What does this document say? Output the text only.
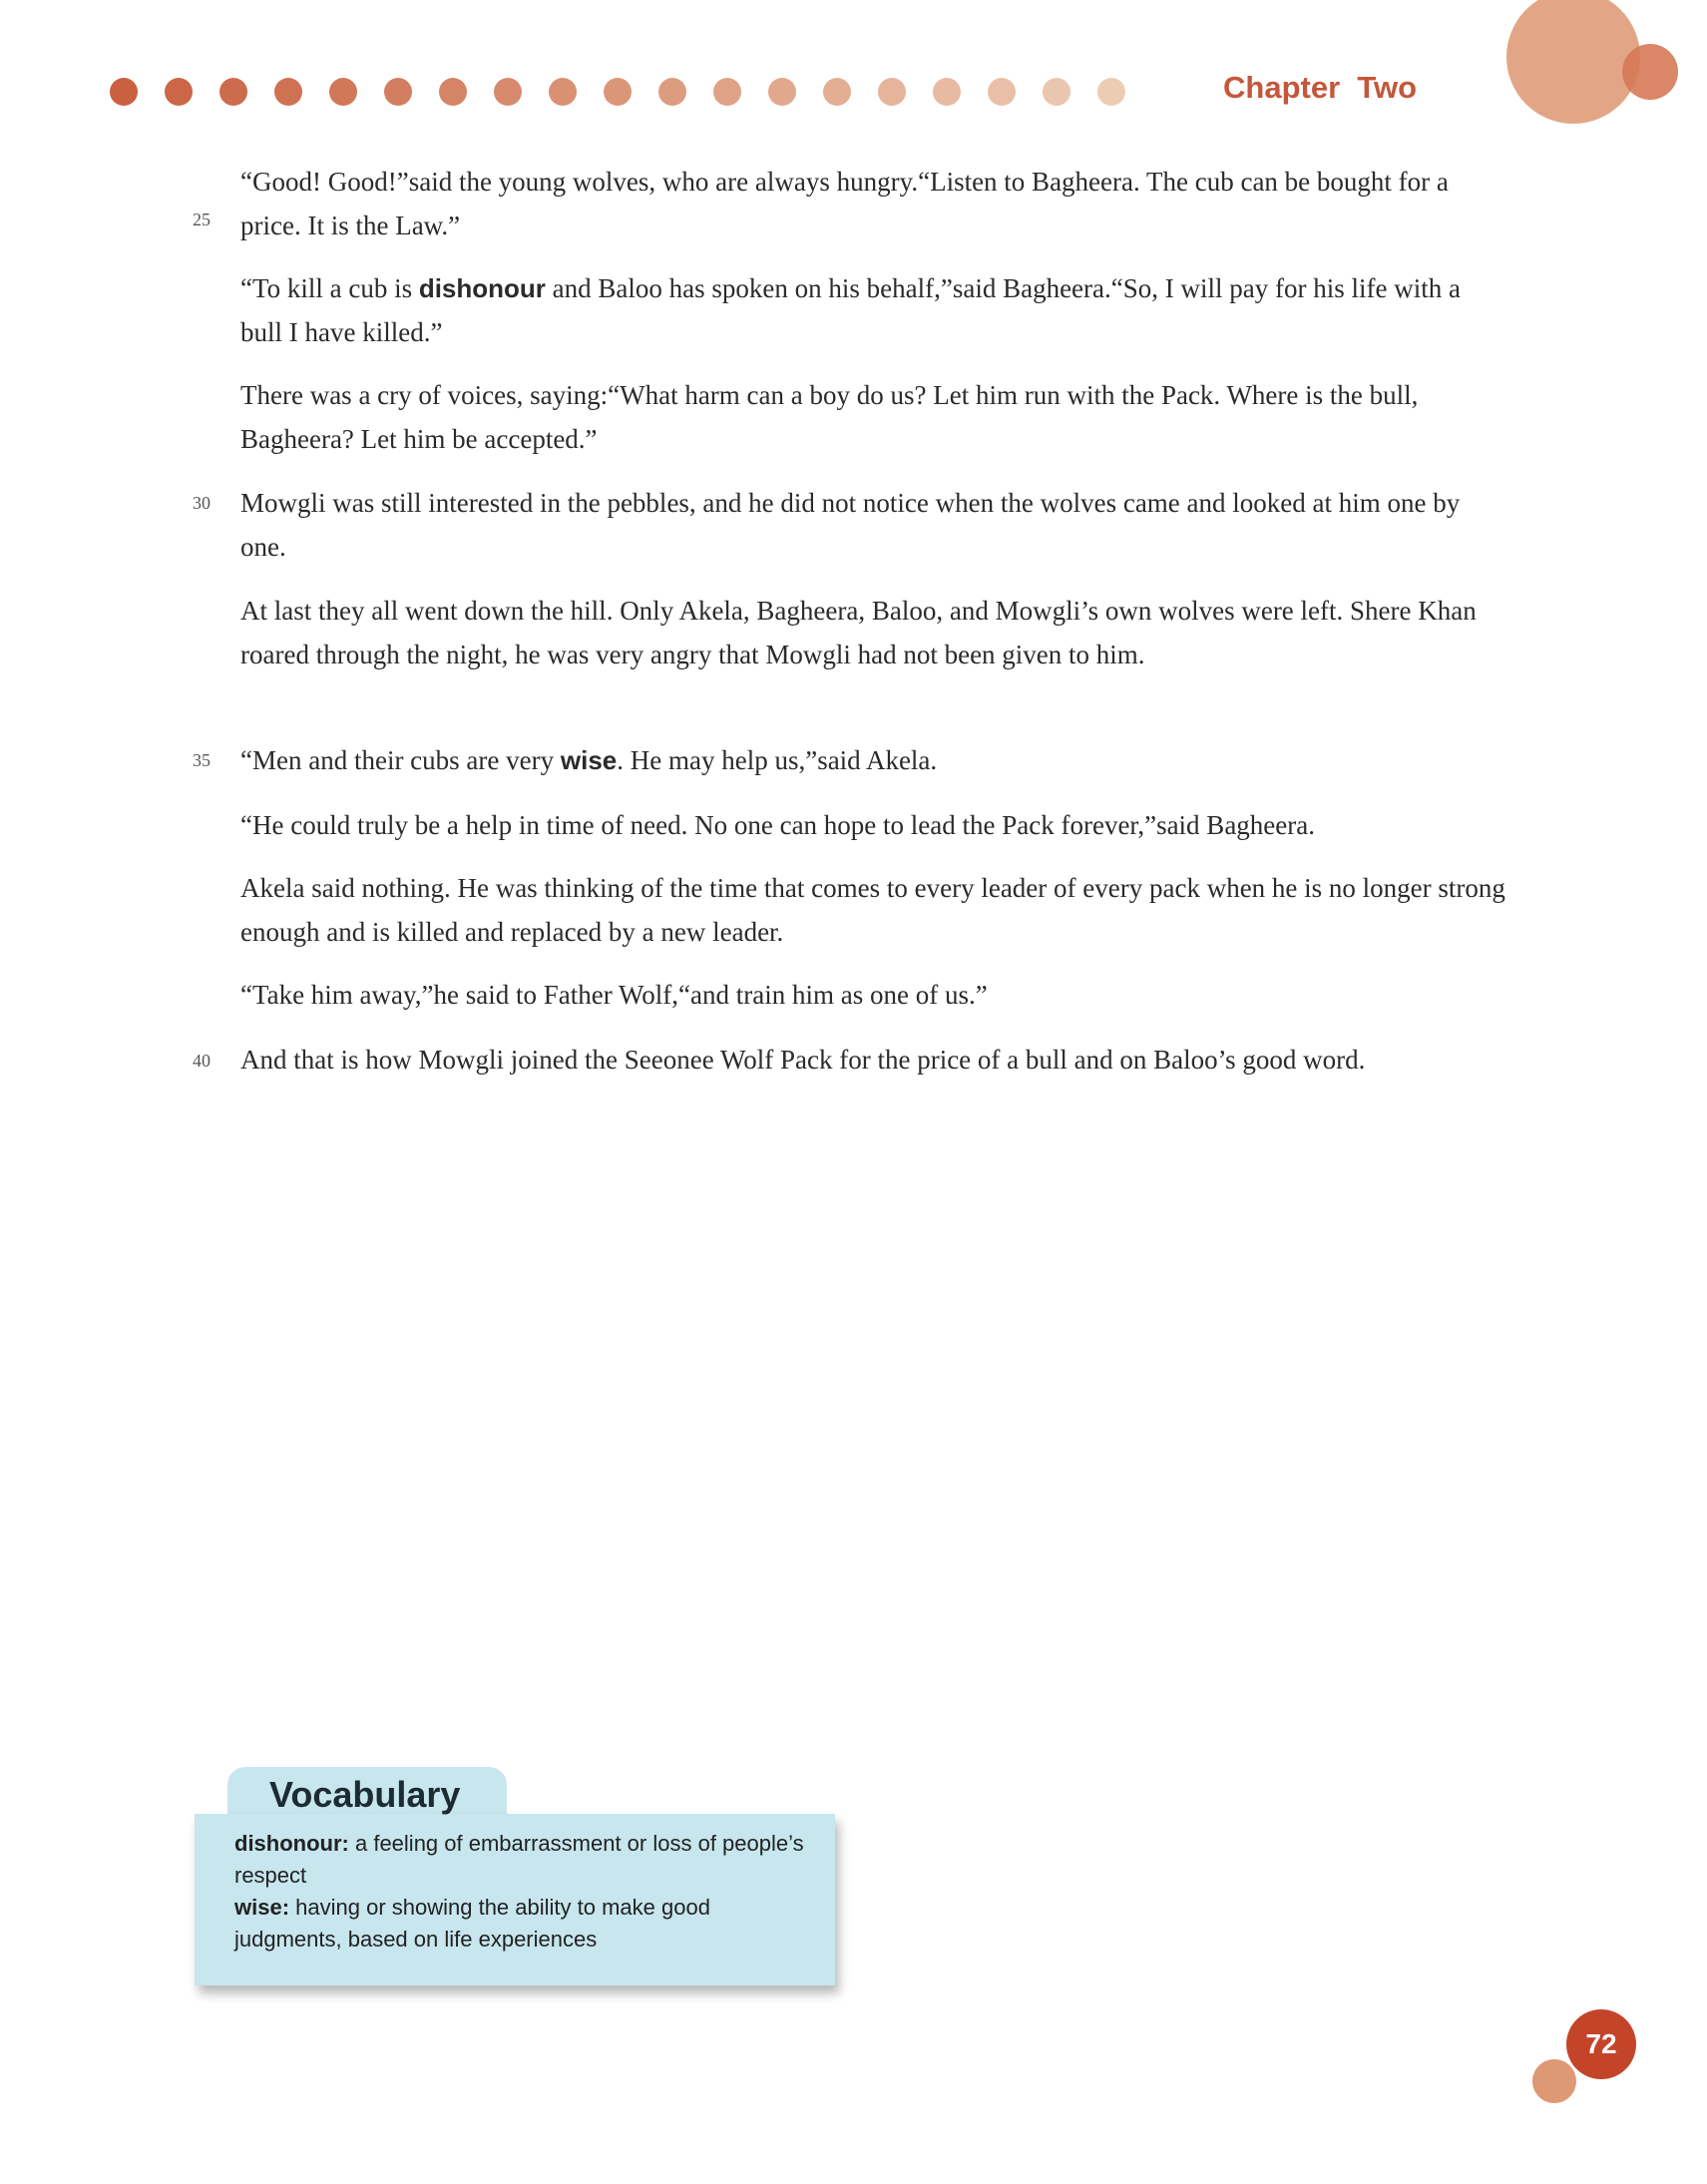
Chapter  Two
25

“Good! Good!”said the young wolves, who are always hungry.“Listen to Bagheera. The cub can be bought for a price. It is the Law.”

“To kill a cub is dishonour and Baloo has spoken on his behalf,”said Bagheera.“So, I will pay for his life with a bull I have killed.”

There was a cry of voices, saying:“What harm can a boy do us? Let him run with the Pack. Where is the bull, Bagheera? Let him be accepted.”

30 Mowgli was still interested in the pebbles, and he did not notice when the wolves came and looked at him one by one.

At last they all went down the hill. Only Akela, Bagheera, Baloo, and Mowgli’s own wolves were left. Shere Khan roared through the night, he was very angry that Mowgli had not been given to him.

35 “Men and their cubs are very wise. He may help us,”said Akela.

“He could truly be a help in time of need. No one can hope to lead the Pack forever,”said Bagheera.

Akela said nothing. He was thinking of the time that comes to every leader of every pack when he is no longer strong enough and is killed and replaced by a new leader.

“Take him away,”he said to Father Wolf,“and train him as one of us.”

40 And that is how Mowgli joined the Seeonee Wolf Pack for the price of a bull and on Baloo’s good word.

Vocabulary
dishonour: a feeling of embarrassment or loss of people’s respect
wise: having or showing the ability to make good judgments, based on life experiences
72
